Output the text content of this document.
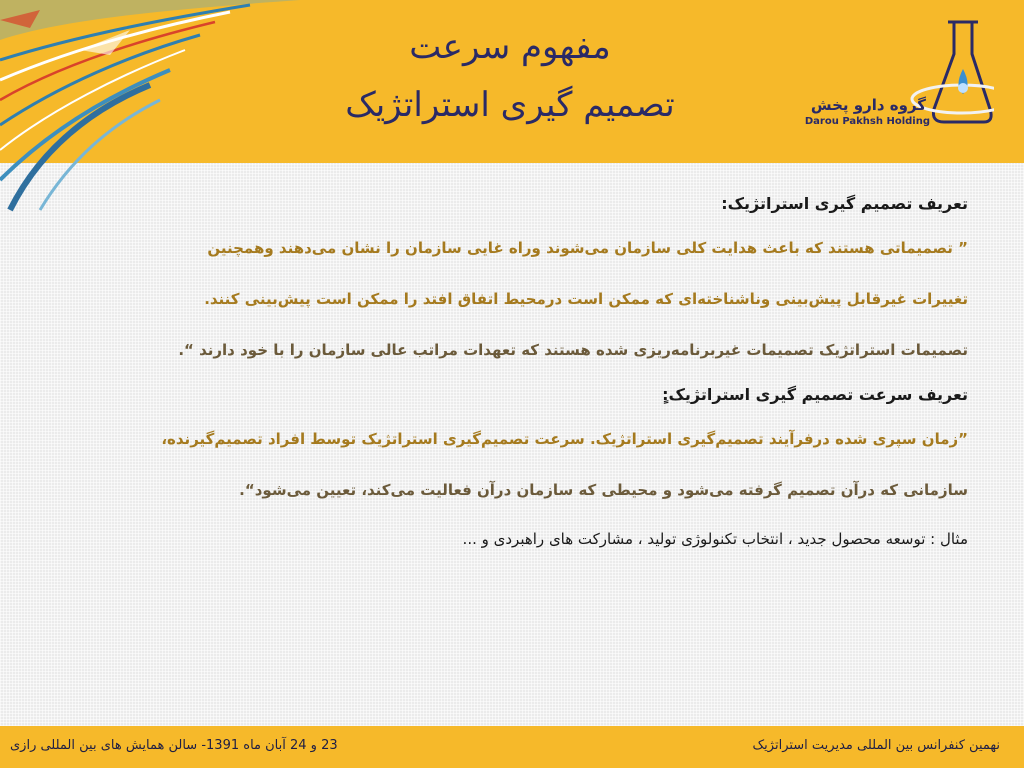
مفهوم سرعت
تصمیم گیری استراتژیک	گروه دارو پخش
Darou Pakhsh Holding
تعریف تصمیم گیری استراتژیک:
” تصمیماتی هستند که باعث هدایت کلی سازمان می‌شوند وراه غایی سازمان را نشان می‌دهند وهمچنین
تغییرات غیرقابل پیش‌بینی وناشناخته‌ای که ممکن است درمحیط اتفاق افتد را ممکن است پیش‌بینی کنند.
تصمیمات استراتژیک تصمیمات غیربرنامه‌ریزی شده هستند که تعهدات مراتب عالی سازمان را با خود دارند “.
تعریف سرعت تصمیم گیری استراتژیک:ٍ
”زمان سپری شده درفرآیند تصمیم‌گیری استراتژیک. سرعت تصمیم‌گیری استراتژیک توسط افراد تصمیم‌گیرنده،
سازمانی که درآن تصمیم گرفته می‌شود و محیطی که سازمان درآن فعالیت می‌کند، تعیین می‌شود“.
مثال : توسعه محصول جدید ، انتخاب تکنولوژی تولید ، مشارکت های راهبردی و ...
نهمین کنفرانس بین المللی مدیریت استراتژیک
23 و 24 آبان ماه 1391- سالن همایش های بین المللی رازی
